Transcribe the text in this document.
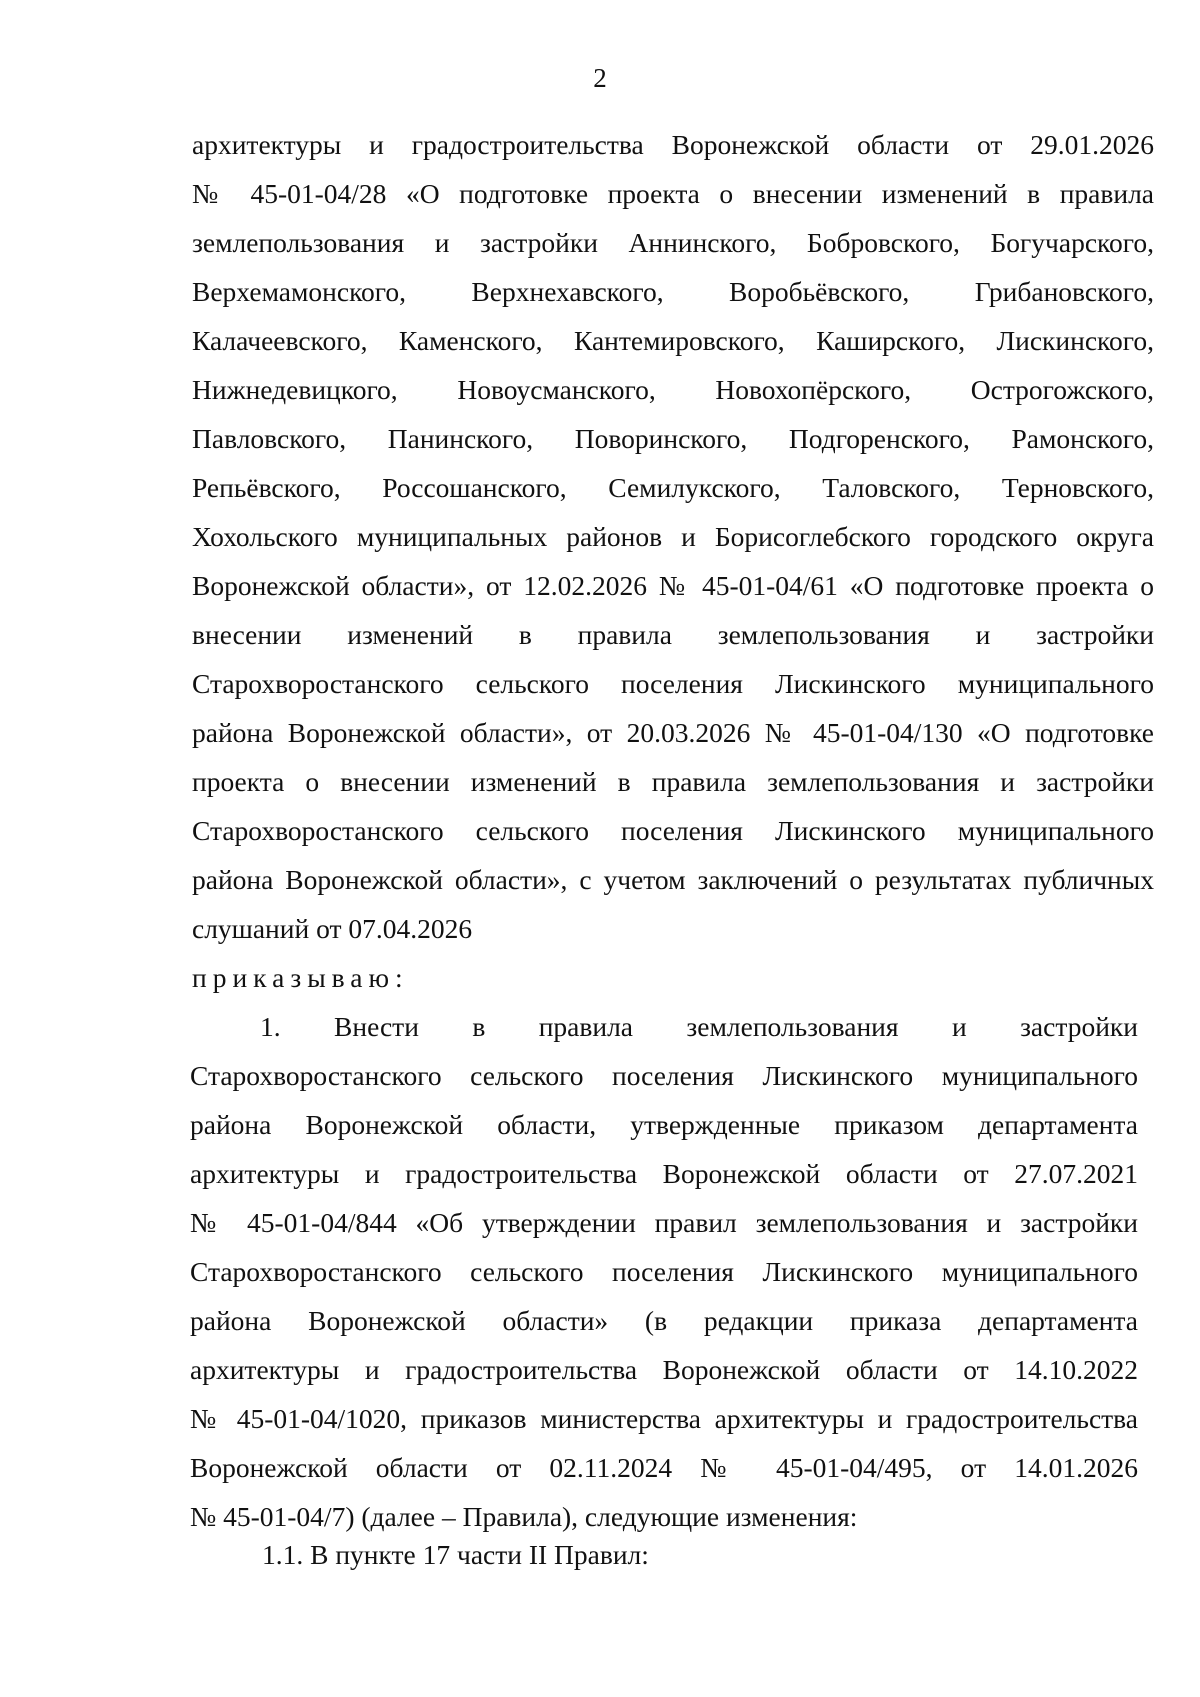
2
архитектуры и градостроительства Воронежской области от 29.01.2026
№ 45-01-04/28 «О подготовке проекта о внесении изменений в правила
землепользования и застройки Аннинского, Бобровского, Богучарского,
Верхемамонского, Верхнехавского, Воробьёвского, Грибановского,
Калачеевского, Каменского, Кантемировского, Каширского, Лискинского,
Нижнедевицкого, Новоусманского, Новохопёрского, Острогожского,
Павловского, Панинского, Поворинского, Подгоренского, Рамонского,
Репьёвского, Россошанского, Семилукского, Таловского, Терновского,
Хохольского муниципальных районов и Борисоглебского городского округа
Воронежской области», от 12.02.2026 № 45-01-04/61 «О подготовке проекта о
внесении изменений в правила землепользования и застройки
Старохворостанского сельского поселения Лискинского муниципального
района Воронежской области», от 20.03.2026 № 45-01-04/130 «О подготовке
проекта о внесении изменений в правила землепользования и застройки
Старохворостанского сельского поселения Лискинского муниципального
района Воронежской области», с учетом заключений о результатах публичных
слушаний от 07.04.2026
приказываю:
1. Внести в правила землепользования и застройки
Старохворостанского сельского поселения Лискинского муниципального
района Воронежской области, утвержденные приказом департамента
архитектуры и градостроительства Воронежской области от 27.07.2021
№ 45-01-04/844 «Об утверждении правил землепользования и застройки
Старохворостанского сельского поселения Лискинского муниципального
района Воронежской области» (в редакции приказа департамента
архитектуры и градостроительства Воронежской области от 14.10.2022
№ 45-01-04/1020, приказов министерства архитектуры и градостроительства
Воронежской области от 02.11.2024 № 45-01-04/495, от 14.01.2026
№ 45-01-04/7) (далее – Правила), следующие изменения:
1.1. В пункте 17 части II Правил:
